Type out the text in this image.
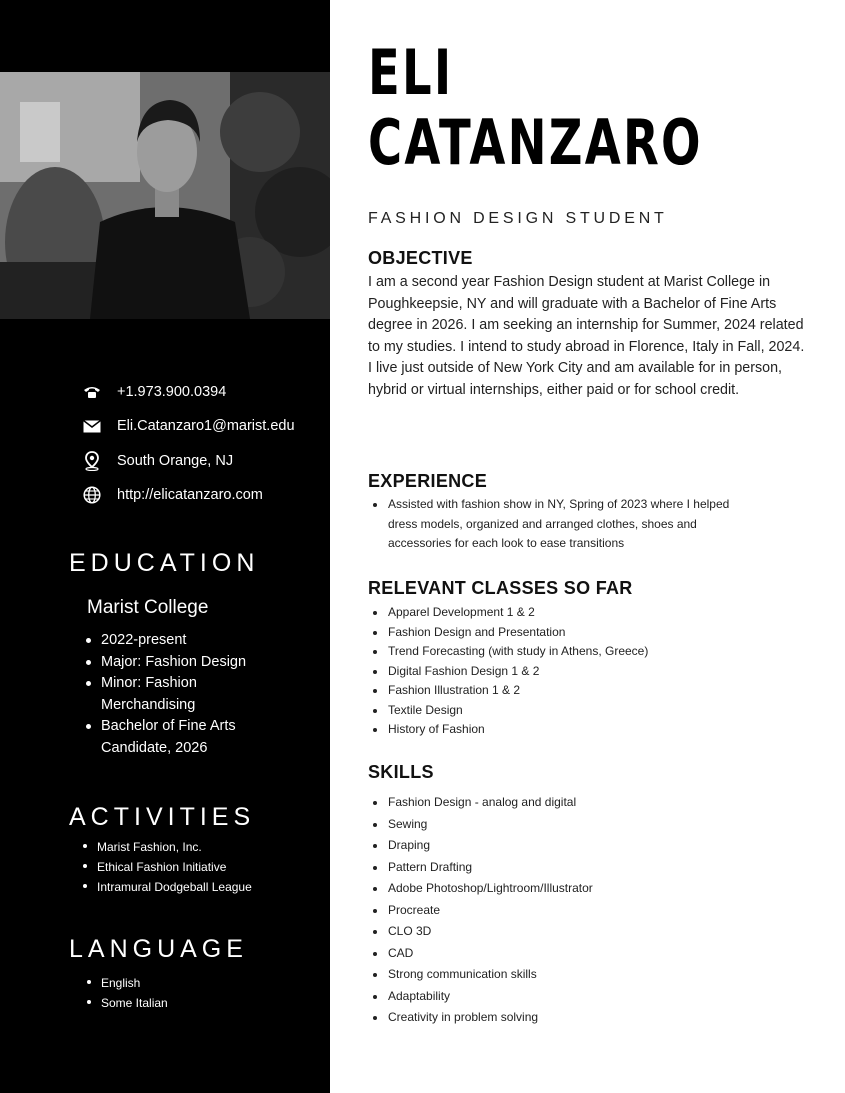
+1.973.900.0394
Eli.Catanzaro1@marist.edu
South Orange, NJ
http://elicatanzaro.com
EDUCATION
Marist College
2022-present
Major: Fashion Design
Minor: Fashion Merchandising
Bachelor of Fine Arts Candidate, 2026
ACTIVITIES
Marist Fashion, Inc.
Ethical Fashion Initiative
Intramural Dodgeball League
LANGUAGE
English
Some Italian
ELI
CATANZARO
FASHION DESIGN STUDENT
OBJECTIVE

I am a second year Fashion Design student at Marist College in Poughkeepsie, NY and will graduate with a Bachelor of Fine Arts degree in 2026. I am seeking an internship for Summer, 2024 related to my studies. I intend to study abroad in Florence, Italy in Fall, 2024.

I live just outside of New York City and am available for in person, hybrid or virtual internships, either paid or for school credit.

EXPERIENCE
Assisted with fashion show in NY, Spring of 2023 where I helped dress models, organized and arranged clothes, shoes and accessories for each look to ease transitions
RELEVANT CLASSES SO FAR
Apparel Development 1 & 2
Fashion Design and Presentation
Trend Forecasting (with study in Athens, Greece)
Digital Fashion Design 1 & 2
Fashion Illustration 1 & 2
Textile Design
History of Fashion
SKILLS
Fashion Design - analog and digital
Sewing
Draping
Pattern Drafting
Adobe Photoshop/Lightroom/Illustrator
Procreate
CLO 3D
CAD
Strong communication skills
Adaptability
Creativity in problem solving
